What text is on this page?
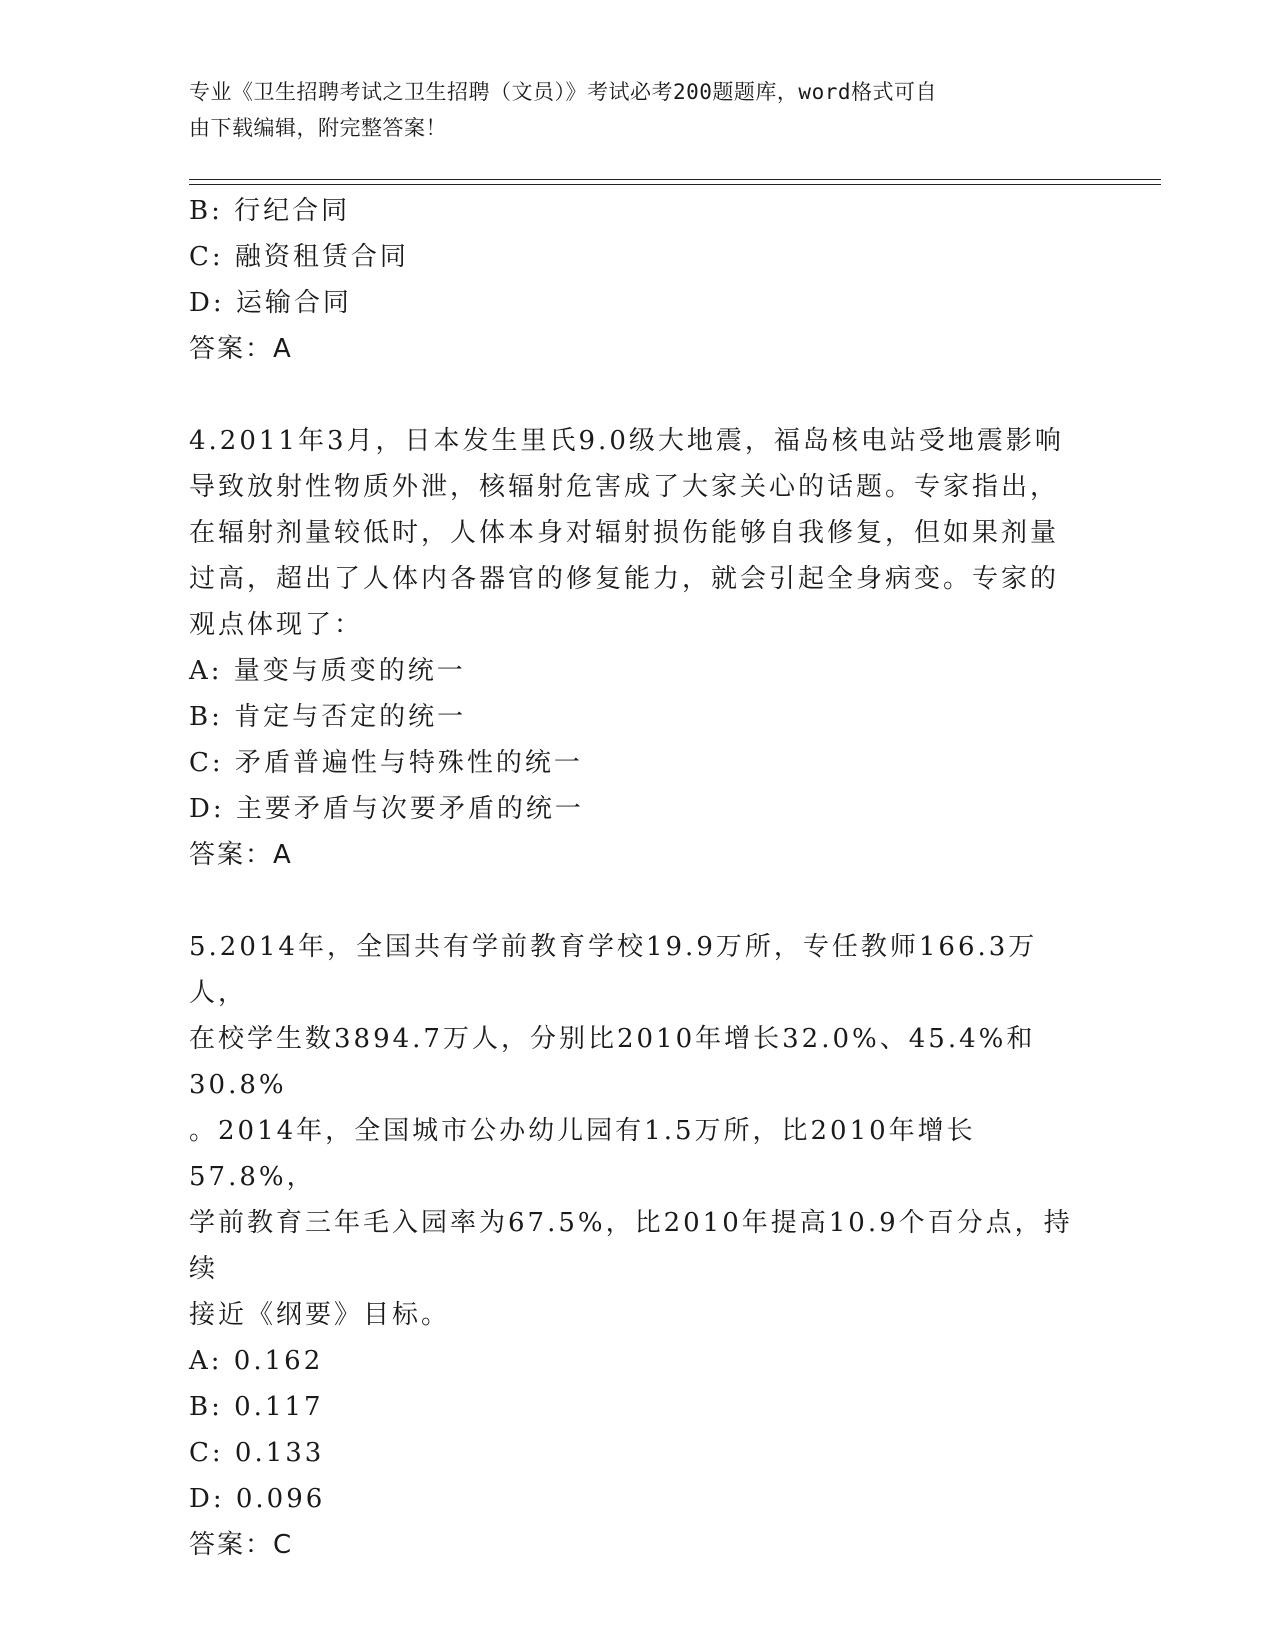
专业《卫生招聘考试之卫生招聘（文员）》考试必考200题题库，word格式可自
由下载编辑，附完整答案！
B: 行纪合同
C: 融资租赁合同
D: 运输合同
答案：A
4.2011年3月，日本发生里氏9.0级大地震，福岛核电站受地震影响
导致放射性物质外泄，核辐射危害成了大家关心的话题。专家指出，
在辐射剂量较低时，人体本身对辐射损伤能够自我修复，但如果剂量
过高，超出了人体内各器官的修复能力，就会引起全身病变。专家的
观点体现了：
A: 量变与质变的统一
B: 肯定与否定的统一
C: 矛盾普遍性与特殊性的统一
D: 主要矛盾与次要矛盾的统一
答案：A
5.2014年，全国共有学前教育学校19.9万所，专任教师166.3万人，
在校学生数3894.7万人，分别比2010年增长32.0%、45.4%和30.8%
。2014年，全国城市公办幼儿园有1.5万所，比2010年增长57.8%，
学前教育三年毛入园率为67.5%，比2010年提高10.9个百分点，持续
接近《纲要》目标。
A: 0.162
B: 0.117
C: 0.133
D: 0.096
答案：C
